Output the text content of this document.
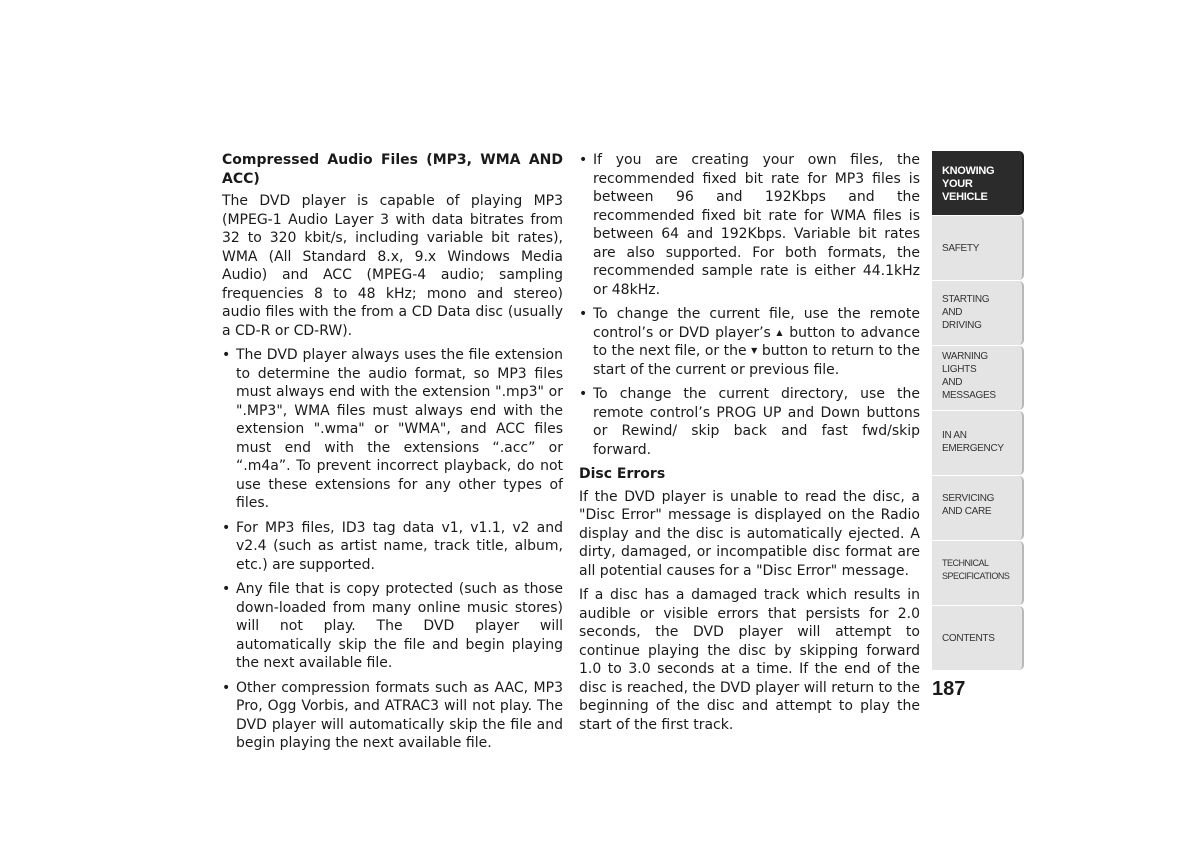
Compressed Audio Files (MP3, WMA AND ACC)

The DVD player is capable of playing MP3 (MPEG-1 Audio Layer 3 with data bitrates from 32 to 320 kbit/s, including variable bit rates), WMA (All Standard 8.x, 9.x Windows Media Audio) and ACC (MPEG-4 audio; sampling frequencies 8 to 48 kHz; mono and stereo) audio files with the from a CD Data disc (usually a CD-R or CD-RW).

• The DVD player always uses the file extension to determine the audio format, so MP3 files must always end with the extension ".mp3" or ".MP3", WMA files must always end with the extension ".wma" or "WMA", and ACC files must end with the extensions “.acc” or “.m4a”. To prevent incorrect playback, do not use these extensions for any other types of files.
• For MP3 files, ID3 tag data v1, v1.1, v2 and v2.4 (such as artist name, track title, album, etc.) are supported.
• Any file that is copy protected (such as those down-loaded from many online music stores) will not play. The DVD player will automatically skip the file and begin playing the next available file.
• Other compression formats such as AAC, MP3 Pro, Ogg Vorbis, and ATRAC3 will not play. The DVD player will automatically skip the file and begin playing the next available file.
• If you are creating your own files, the recommended fixed bit rate for MP3 files is between 96 and 192Kbps and the recommended fixed bit rate for WMA files is between 64 and 192Kbps. Variable bit rates are also supported. For both formats, the recommended sample rate is either 44.1kHz or 48kHz.
• To change the current file, use the remote control’s or DVD player’s ▲ button to advance to the next file, or the ▼ button to return to the start of the current or previous file.
• To change the current directory, use the remote control’s PROG UP and Down buttons or Rewind/ skip back and fast fwd/skip forward.
Disc Errors

If the DVD player is unable to read the disc, a "Disc Error" message is displayed on the Radio display and the disc is automatically ejected. A dirty, damaged, or incompatible disc format are all potential causes for a "Disc Error" message.

If a disc has a damaged track which results in audible or visible errors that persists for 2.0 seconds, the DVD player will attempt to continue playing the disc by skipping forward 1.0 to 3.0 seconds at a time. If the end of the disc is reached, the DVD player will return to the beginning of the disc and attempt to play the start of the first track.

KNOWING
YOUR
VEHICLE
SAFETY
STARTING
AND
DRIVING
WARNING
LIGHTS
AND
MESSAGES
IN AN
EMERGENCY
SERVICING
AND CARE
TECHNICAL
SPECIFICATIONS
CONTENTS
187
